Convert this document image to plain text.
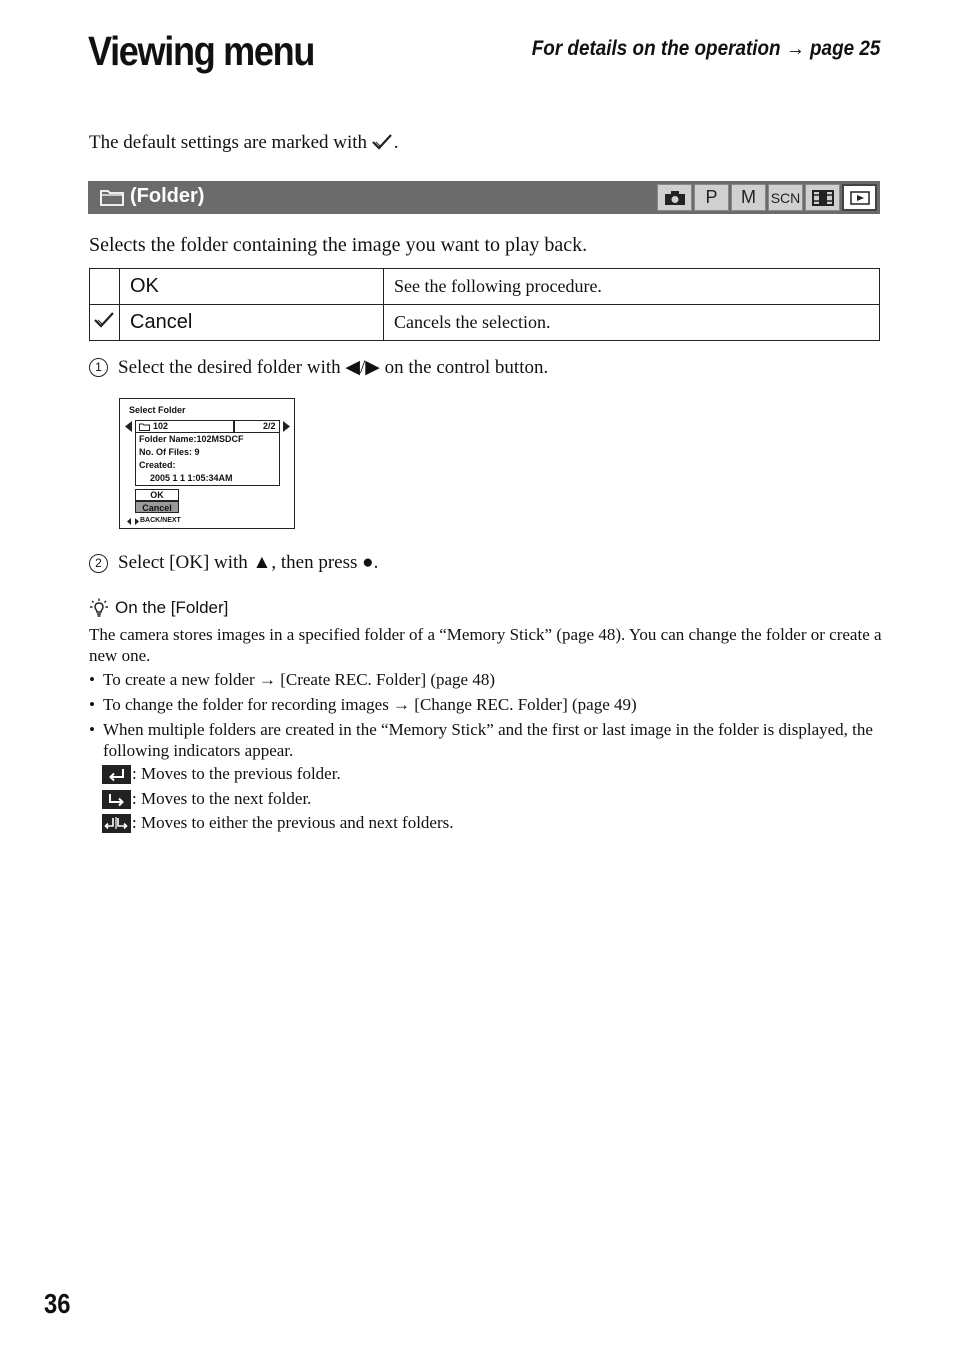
Viewing menu	For details on the operation → page 25
The default settings are marked with .
(Folder)	P	M	SCN
Selects the folder containing the image you want to play back.
	OK	See the following procedure.
	Cancel	Cancels the selection.
1 Select the desired folder with ◀/▶ on the control button.
Select Folder
102	2/2
Folder Name:102MSDCF
No. Of Files: 9
Created:
2005 1 1 1:05:34AM
OK
Cancel
BACK/NEXT
2 Select [OK] with ▲, then press ●.
On the [Folder]
The camera stores images in a specified folder of a “Memory Stick” (page 48). You can change the folder or create a new one.
• To create a new folder → [Create REC. Folder] (page 48)
• To change the folder for recording images → [Change REC. Folder] (page 49)
• When multiple folders are created in the “Memory Stick” and the first or last image in the folder is displayed, the following indicators appear.
: Moves to the previous folder.
: Moves to the next folder.
: Moves to either the previous and next folders.
36
